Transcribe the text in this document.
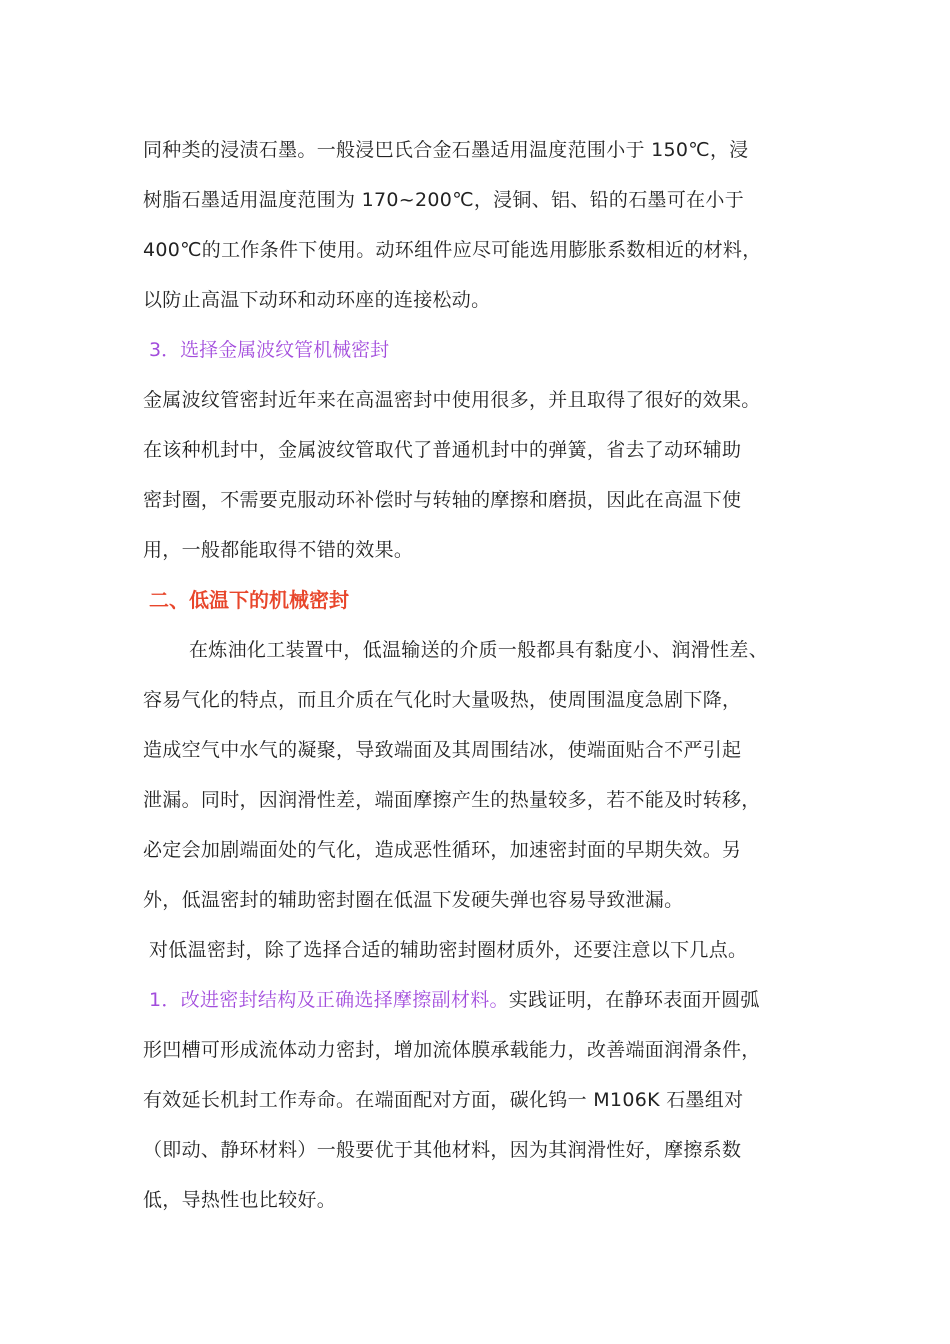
同种类的浸渍石墨。一般浸巴氏合金石墨适用温度范围小于 150℃，浸
树脂石墨适用温度范围为 170~200℃，浸铜、铝、铅的石墨可在小于
400℃的工作条件下使用。动环组件应尽可能选用膨胀系数相近的材料，
以防止高温下动环和动环座的连接松动。
3．选择金属波纹管机械密封
金属波纹管密封近年来在高温密封中使用很多，并且取得了很好的效果。
在该种机封中，金属波纹管取代了普通机封中的弹簧，省去了动环辅助
密封圈，不需要克服动环补偿时与转轴的摩擦和磨损，因此在高温下使
用，一般都能取得不错的效果。
二、低温下的机械密封
在炼油化工装置中，低温输送的介质一般都具有黏度小、润滑性差、
容易气化的特点，而且介质在气化时大量吸热，使周围温度急剧下降，
造成空气中水气的凝聚，导致端面及其周围结冰，使端面贴合不严引起
泄漏。同时，因润滑性差，端面摩擦产生的热量较多，若不能及时转移，
必定会加剧端面处的气化，造成恶性循环，加速密封面的早期失效。另
外，低温密封的辅助密封圈在低温下发硬失弹也容易导致泄漏。
对低温密封，除了选择合适的辅助密封圈材质外，还要注意以下几点。
1．改进密封结构及正确选择摩擦副材料。实践证明，在静环表面开圆弧
形凹槽可形成流体动力密封，增加流体膜承载能力，改善端面润滑条件，
有效延长机封工作寿命。在端面配对方面，碳化钨一 M106K 石墨组对
（即动、静环材料）一般要优于其他材料，因为其润滑性好，摩擦系数
低，导热性也比较好。
